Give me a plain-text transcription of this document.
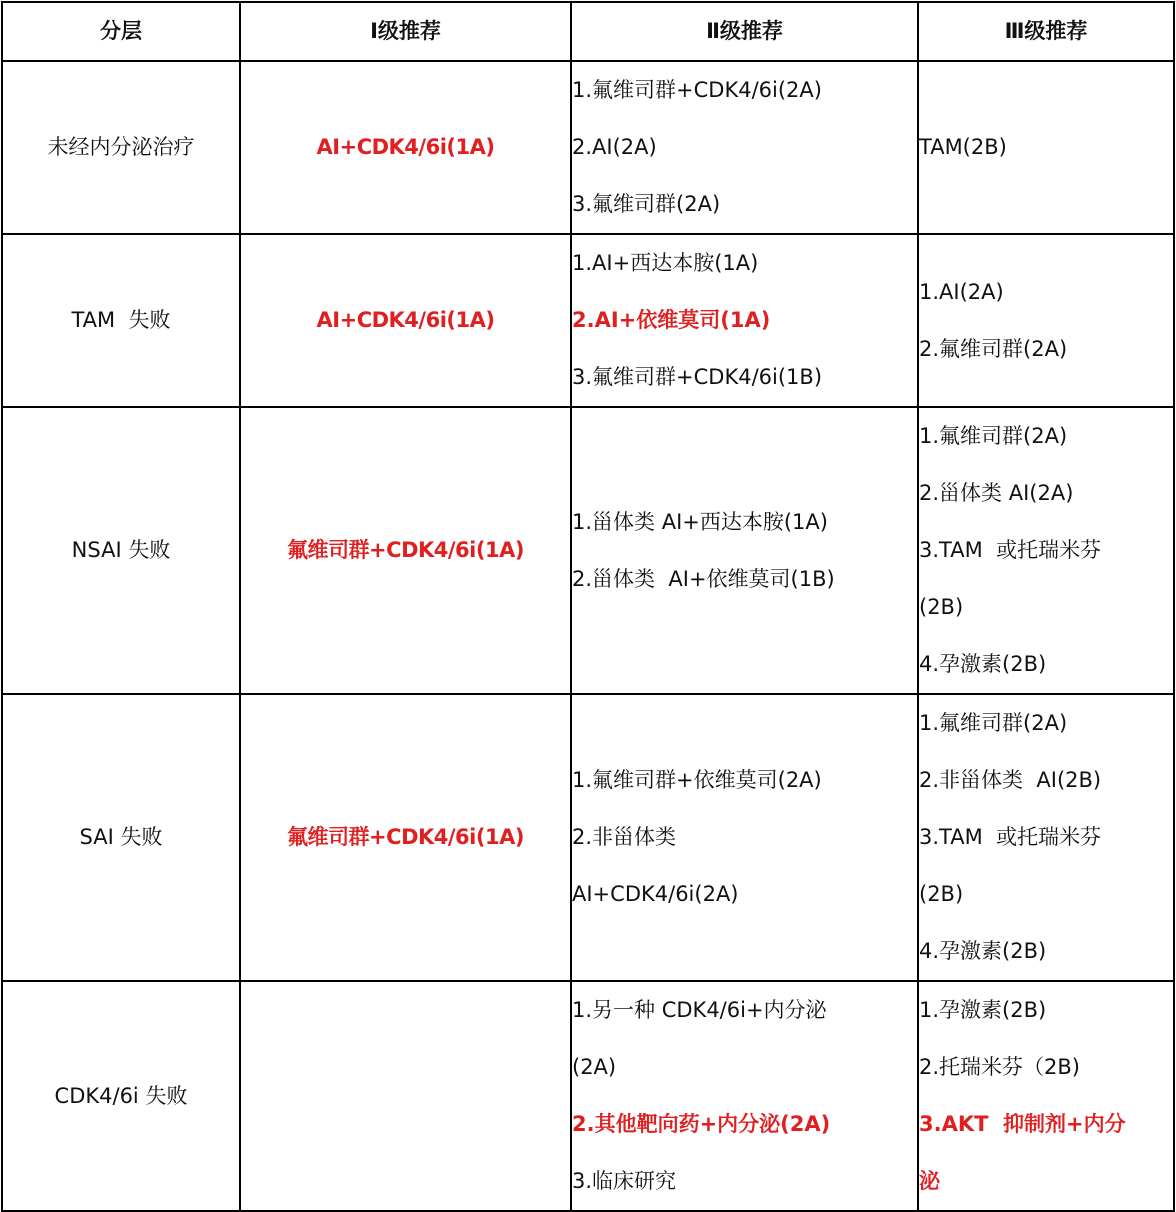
分层	Ⅰ级推荐	Ⅱ级推荐	Ⅲ级推荐
未经内分泌治疗	AI+CDK4/6i(1A)	1.氟维司群+CDK4/6i(2A)
2.AI(2A)
3.氟维司群(2A)	TAM(2B)

TAM  失败	AI+CDK4/6i(1A)	1.AI+西达本胺(1A)
2.AI+依维莫司(1A)
3.氟维司群+CDK4/6i(1B)	1.AI(2A)
2.氟维司群(2A)

NSAI 失败	氟维司群+CDK4/6i(1A)	1.甾体类 AI+西达本胺(1A)
2.甾体类  AI+依维莫司(1B)	1.氟维司群(2A)
2.甾体类 AI(2A)
3.TAM  或托瑞米芬
(2B)
4.孕激素(2B)

SAI 失败	氟维司群+CDK4/6i(1A)	1.氟维司群+依维莫司(2A)
2.非甾体类
AI+CDK4/6i(2A)	1.氟维司群(2A)
2.非甾体类  AI(2B)
3.TAM  或托瑞米芬
(2B)
4.孕激素(2B)

CDK4/6i 失败		1.另一种 CDK4/6i+内分泌
(2A)
2.其他靶向药+内分泌(2A)
3.临床研究	1.孕激素(2B)
2.托瑞米芬（2B)
3.AKT  抑制剂+内分
泌
